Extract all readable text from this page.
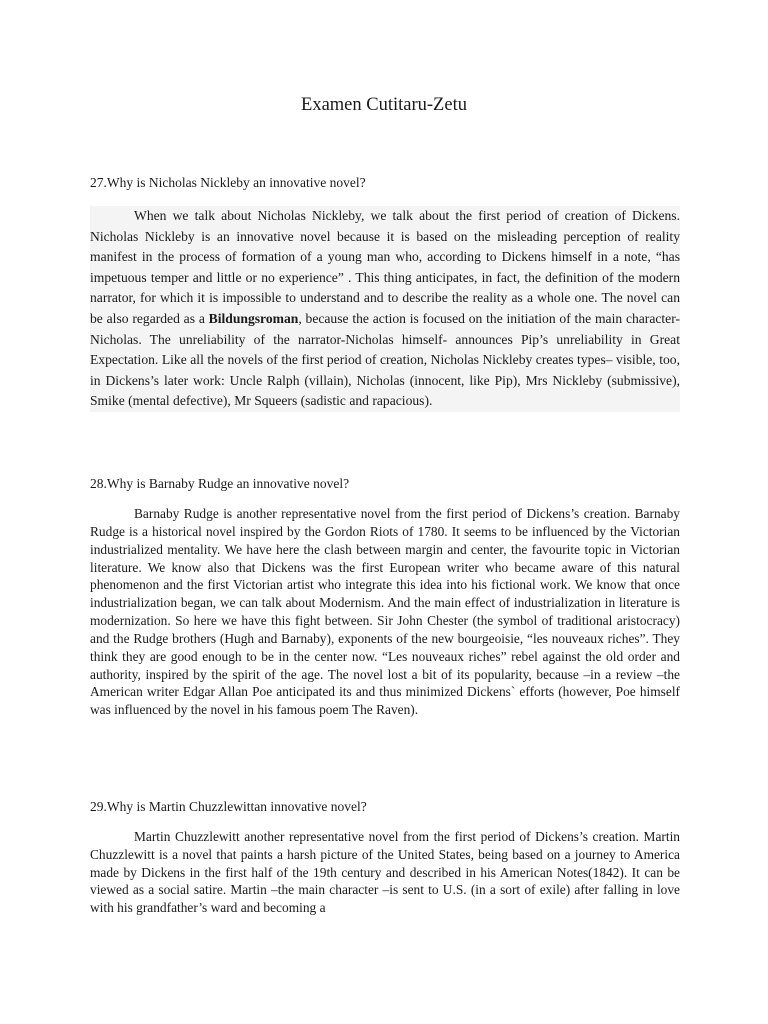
Examen Cutitaru-Zetu

27.Why is Nicholas Nickleby an innovative novel?

When we talk about Nicholas Nickleby, we talk about the first period of creation of Dickens. Nicholas Nickleby is an innovative novel because it is based on the misleading perception of reality manifest in the process of formation of a young man who, according to Dickens himself in a note, “has impetuous temper and little or no experience” . This thing anticipates, in fact, the definition of the modern narrator, for which it is impossible to understand and to describe the reality as a whole one. The novel can be also regarded as a Bildungsroman, because the action is focused on the initiation of the main character- Nicholas. The unreliability of the narrator-Nicholas himself- announces Pip’s unreliability in Great Expectation. Like all the novels of the first period of creation, Nicholas Nickleby creates types– visible, too, in Dickens’s later work: Uncle Ralph (villain), Nicholas (innocent, like Pip), Mrs Nickleby (submissive), Smike (mental defective), Mr Squeers (sadistic and rapacious).

28.Why is Barnaby Rudge an innovative novel?

Barnaby Rudge is another representative novel from the first period of Dickens’s creation. Barnaby Rudge is a historical novel inspired by the Gordon Riots of 1780. It seems to be influenced by the Victorian industrialized mentality. We have here the clash between margin and center, the favourite topic in Victorian literature. We know also that Dickens was the first European writer who became aware of this natural phenomenon and the first Victorian artist who integrate this idea into his fictional work. We know that once industrialization began, we can talk about Modernism. And the main effect of industrialization in literature is modernization. So here we have this fight between. Sir John Chester (the symbol of traditional aristocracy) and the Rudge brothers (Hugh and Barnaby), exponents of the new bourgeoisie, “les nouveaux riches”. They think they are good enough to be in the center now. “Les nouveaux riches” rebel against the old order and authority, inspired by the spirit of the age. The novel lost a bit of its popularity, because –in a review –the American writer Edgar Allan Poe anticipated its and thus minimized Dickens` efforts (however, Poe himself was influenced by the novel in his famous poem The Raven).

29.Why is Martin Chuzzlewittan innovative novel?

Martin Chuzzlewitt another representative novel from the first period of Dickens’s creation. Martin Chuzzlewitt is a novel that paints a harsh picture of the United States, being based on a journey to America made by Dickens in the first half of the 19th century and described in his American Notes(1842). It can be viewed as a social satire. Martin –the main character –is sent to U.S. (in a sort of exile) after falling in love with his grandfather’s ward and becoming a
